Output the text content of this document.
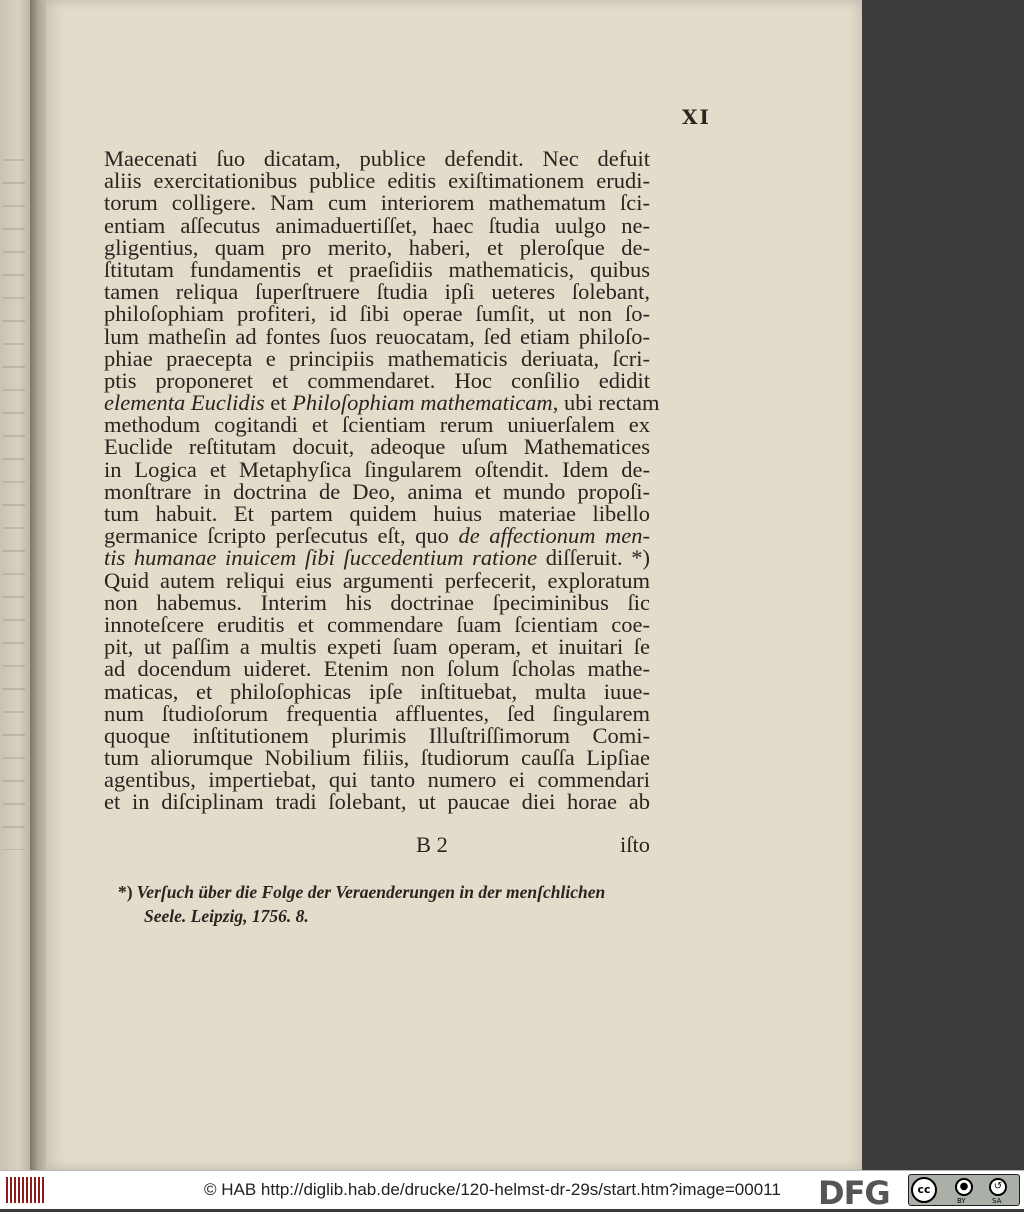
XI
Maecenati ſuo dicatam, publice defendit. Nec defuit
aliis exercitationibus publice editis exiſtimationem erudi-
torum colligere. Nam cum interiorem mathematum ſci-
entiam aſſecutus animaduertiſſet, haec ſtudia uulgo ne-
gligentius, quam pro merito, haberi, et pleroſque de-
ſtitutam fundamentis et praeſidiis mathematicis, quibus
tamen reliqua ſuperſtruere ſtudia ipſi ueteres ſolebant,
philoſophiam profiteri, id ſibi operae ſumſit, ut non ſo-
lum matheſin ad fontes ſuos reuocatam, ſed etiam philoſo-
phiae praecepta e principiis mathematicis deriuata, ſcri-
ptis proponeret et commendaret. Hoc conſilio edidit
elementa Euclidis et Philoſophiam mathematicam, ubi rectam
methodum cogitandi et ſcientiam rerum uniuerſalem ex
Euclide reſtitutam docuit, adeoque uſum Mathematices
in Logica et Metaphyſica ſingularem oſtendit. Idem de-
monſtrare in doctrina de Deo, anima et mundo propoſi-
tum habuit. Et partem quidem huius materiae libello
germanice ſcripto perſecutus eſt, quo de affectionum men-
tis humanae inuicem ſibi ſuccedentium ratione diſſeruit. *)
Quid autem reliqui eius argumenti perfecerit, exploratum
non habemus. Interim his doctrinae ſpeciminibus ſic
innoteſcere eruditis et commendare ſuam ſcientiam coe-
pit, ut paſſim a multis expeti ſuam operam, et inuitari ſe
ad docendum uideret. Etenim non ſolum ſcholas mathe-
maticas, et philoſophicas ipſe inſtituebat, multa iuue-
num ſtudioſorum frequentia affluentes, ſed ſingularem
quoque inſtitutionem plurimis Illuſtriſſimorum Comi-
tum aliorumque Nobilium filiis, ſtudiorum cauſſa Lipſiae
agentibus, impertiebat, qui tanto numero ei commendari
et in diſciplinam tradi ſolebant, ut paucae diei horae ab
B 2	iſto
*) Verſuch über die Folge der Veraenderungen in der menſchlichen
Seele. Leipzig, 1756. 8.
© HAB http://diglib.hab.de/drucke/120-helmst-dr-29s/start.htm?image=00011 DFG	cc	●
BY
↺
SA
